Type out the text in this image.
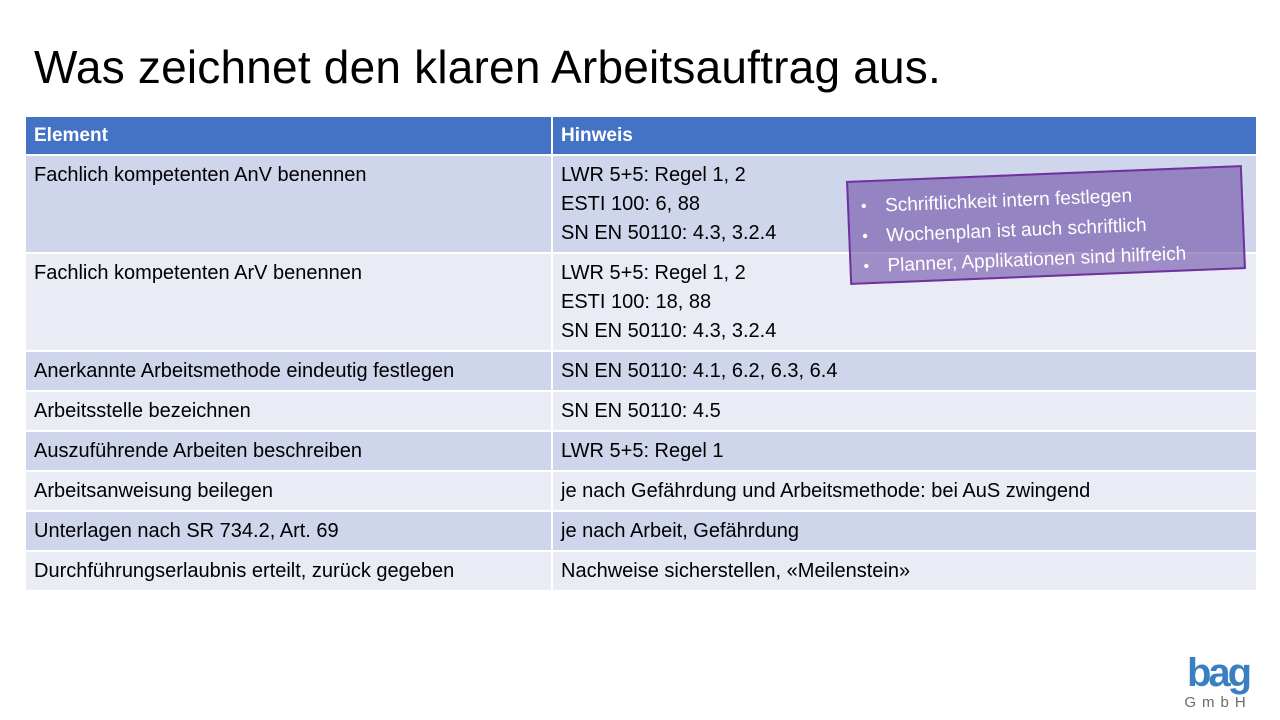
Was zeichnet den klaren Arbeitsauftrag aus.
Element	Hinweis
Fachlich kompetenten AnV benennen	LWR 5+5: Regel 1, 2
ESTI 100: 6, 88
SN EN 50110: 4.3, 3.2.4

Fachlich kompetenten ArV benennen	LWR 5+5: Regel 1, 2
ESTI 100: 18, 88
SN EN 50110: 4.3, 3.2.4

Anerkannte Arbeitsmethode eindeutig festlegen	SN EN 50110: 4.1, 6.2, 6.3, 6.4

Arbeitsstelle bezeichnen	SN EN 50110: 4.5

Auszuführende Arbeiten beschreiben	LWR 5+5: Regel 1

Arbeitsanweisung beilegen	je nach Gefährdung und Arbeitsmethode: bei AuS zwingend

Unterlagen nach SR 734.2, Art. 69	je nach Arbeit, Gefährdung

Durchführungserlaubnis erteilt, zurück gegeben	Nachweise sicherstellen, «Meilenstein»
• Schriftlichkeit intern festlegen
• Wochenplan ist auch schriftlich
• Planner, Applikationen sind hilfreich
bag
GmbH
